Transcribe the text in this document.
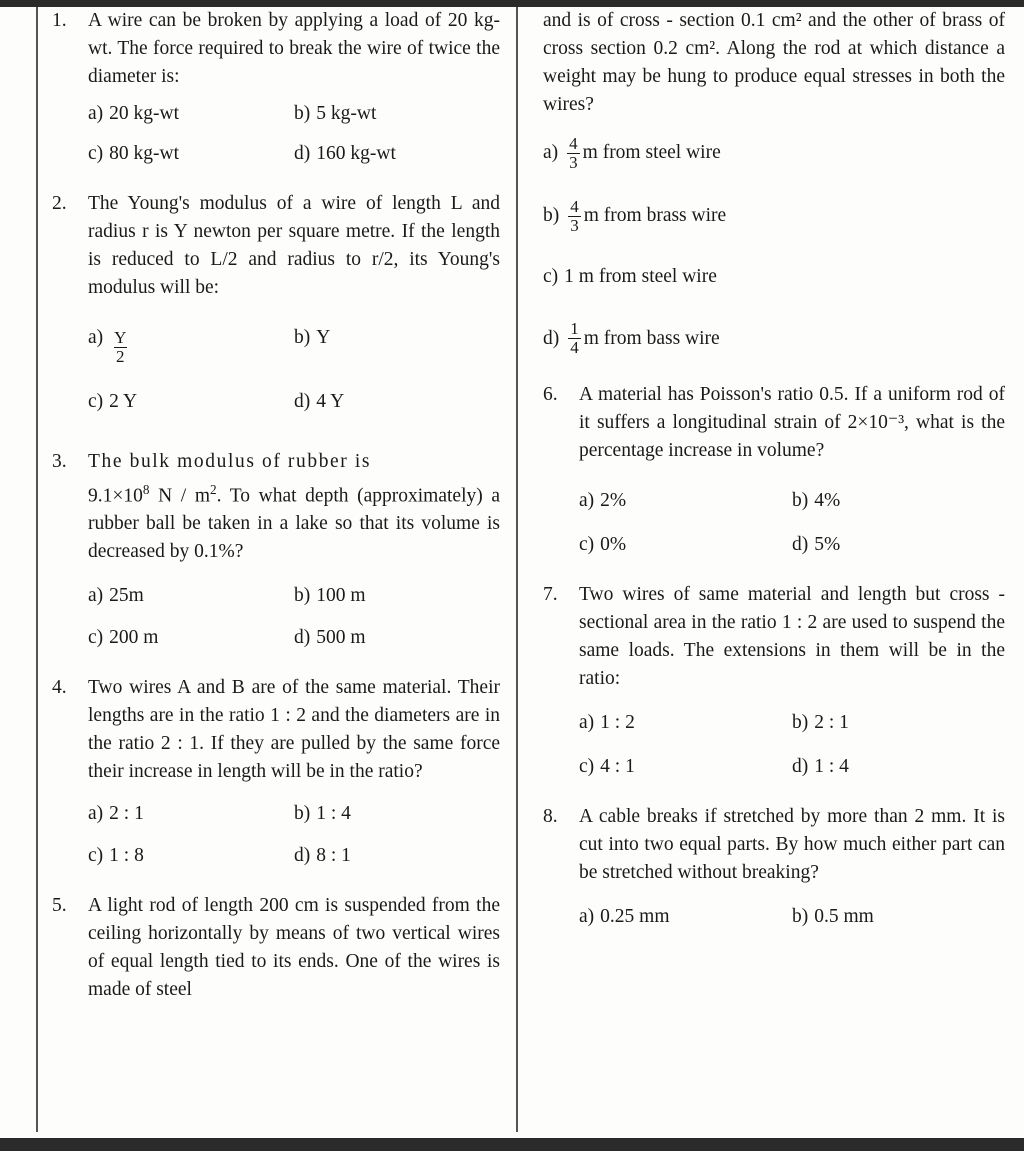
1.	A wire can be broken by applying a load of 20 kg-wt. The force required to break the wire of twice the diameter is:
a) 20 kg-wt	b) 5 kg-wt
c) 80 kg-wt	d) 160 kg-wt
2.	The Young's modulus of a wire of length L and radius r is Y newton per square metre. If the length is reduced to L/2 and radius to r/2, its Young's modulus will be:
$a) \frac{Y}{2}$	b) Y
c) 2 Y	d) 4 Y
3.	The bulk modulus of rubber is
$9.1\times 10^8$ N / $m^2$. To what depth (approximately) a rubber ball be taken in a lake so that its volume is decreased by 0.1%?
a) 25m	b) 100 m
c) 200 m	d) 500 m
4.	Two wires A and B are of the same material. Their lengths are in the ratio 1 : 2 and the diameters are in the ratio 2 : 1. If they are pulled by the same force their increase in length will be in the ratio?
a) 2 : 1	b) 1 : 4
c) 1 : 8	d) 8 : 1
5.	A light rod of length 200 cm is suspended from the ceiling horizontally by means of two vertical wires of equal length tied to its ends. One of the wires is made of steel
and is of cross - section 0.1 cm² and the other of brass of cross section 0.2 cm². Along the rod at which distance a weight may be hung to produce equal stresses in both the wires?
$a) \frac{4}{3}$ m from steel wire
$b) \frac{4}{3}$ m from brass wire
c) 1 m from steel wire
$d) \frac{1}{4}$ m from bass wire
6.	A material has Poisson's ratio 0.5. If a uniform rod of it suffers a longitudinal strain of 2×10⁻³, what is the percentage increase in volume?
a) 2%	b) 4%
c) 0%	d) 5%
7.	Two wires of same material and length but cross - sectional area in the ratio 1 : 2 are used to suspend the same loads. The extensions in them will be in the ratio:
a) 1 : 2	b) 2 : 1
c) 4 : 1	d) 1 : 4
8.	A cable breaks if stretched by more than 2 mm. It is cut into two equal parts. By how much either part can be stretched without breaking?
a) 0.25 mm	b) 0.5 mm
